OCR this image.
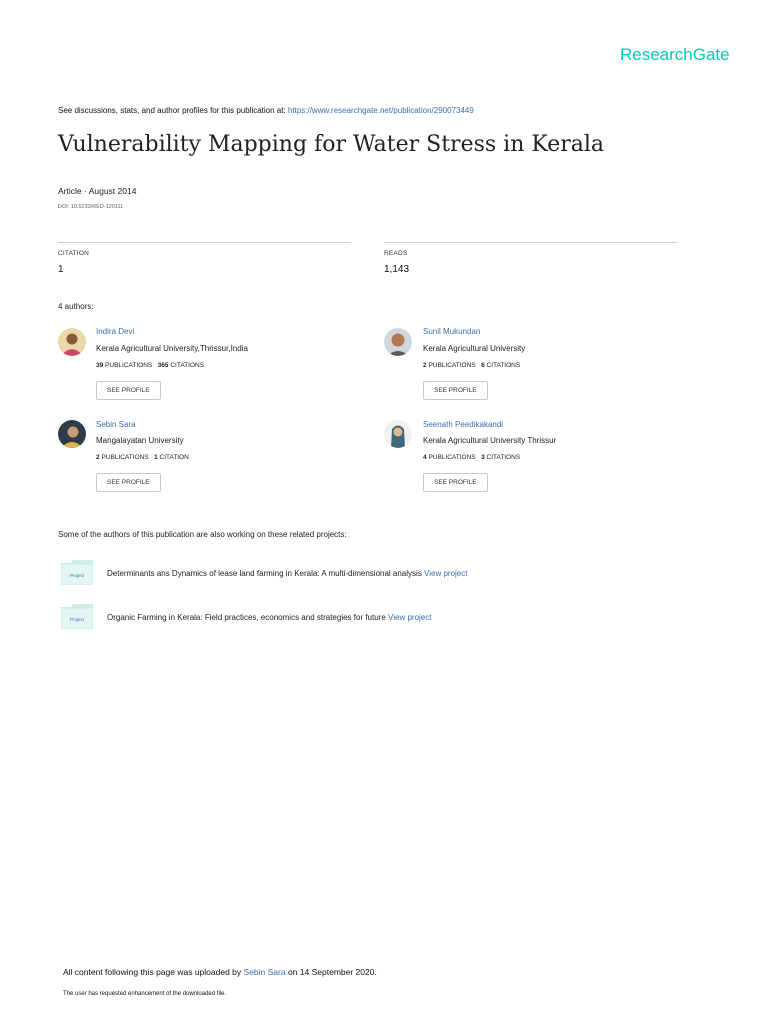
ResearchGate
See discussions, stats, and author profiles for this publication at: https://www.researchgate.net/publication/290073449
Vulnerability Mapping for Water Stress in Kerala
Article · August 2014
DOI: 10.5233/RED-120111
CITATION
1
READS
1,143
4 authors:
Indira Devi
Kerala Agricultural University,Thrissur,India
39 PUBLICATIONS 365 CITATIONS
SEE PROFILE
Sunil Mukundan
Kerala Agricultural University
2 PUBLICATIONS 6 CITATIONS
SEE PROFILE
Sebin Sara
Mangalayatan University
2 PUBLICATIONS 1 CITATION
SEE PROFILE
Seenath Peedikakandi
Kerala Agricultural University Thrissur
4 PUBLICATIONS 3 CITATIONS
SEE PROFILE
Some of the authors of this publication are also working on these related projects:
Project	Determinants ans Dynamics of lease land farming in Kerala: A multi-dimensional analysis View project
Project	Organic Farming in Kerala: Field practices, economics and strategies for future View project
All content following this page was uploaded by Sebin Sara on 14 September 2020.
The user has requested enhancement of the downloaded file.
